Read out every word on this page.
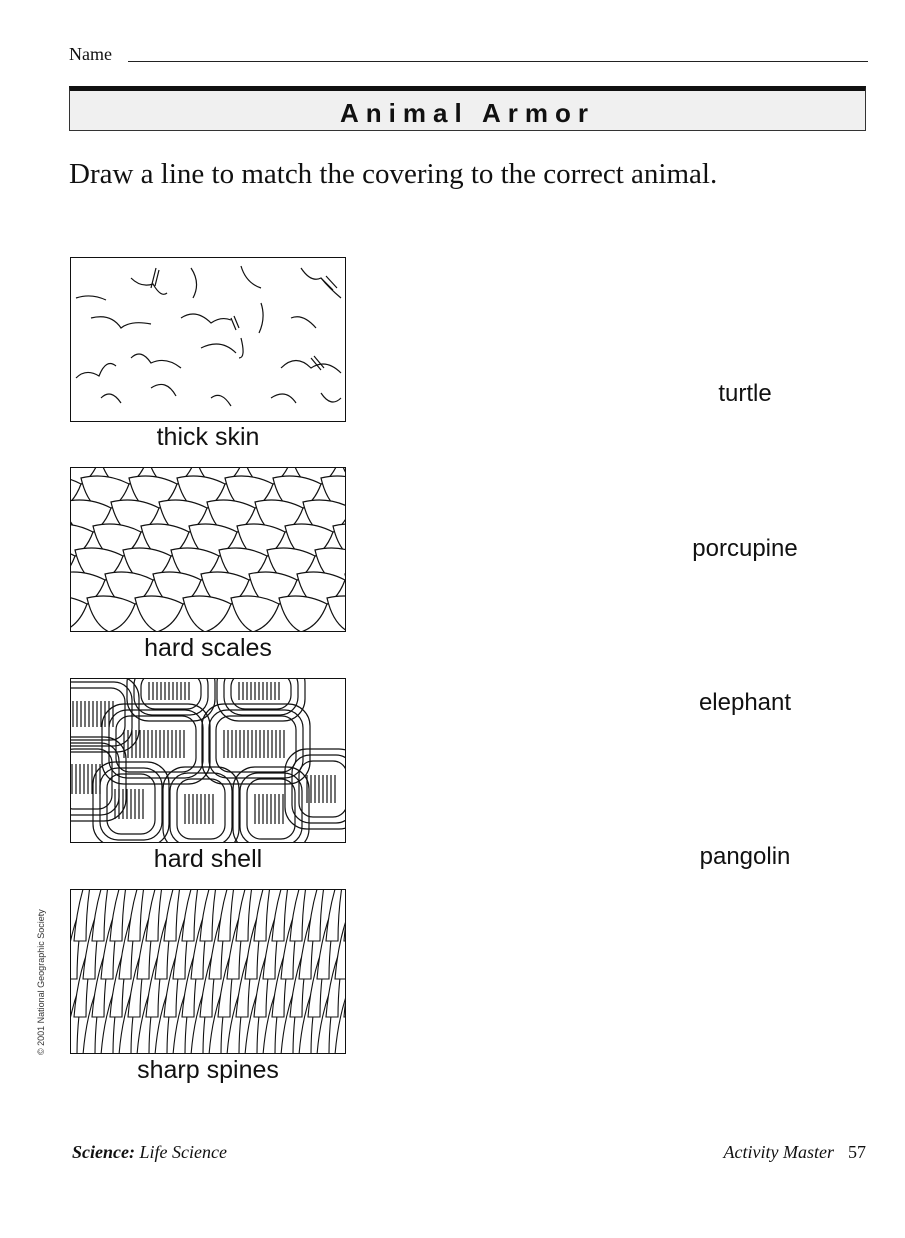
Name
Animal Armor
Draw a line to match the covering to the correct animal.
thick skin
hard scales
hard shell
sharp spines
turtle
porcupine
elephant
pangolin
© 2001 National Geographic Society
Science: Life Science	Activity Master 57
